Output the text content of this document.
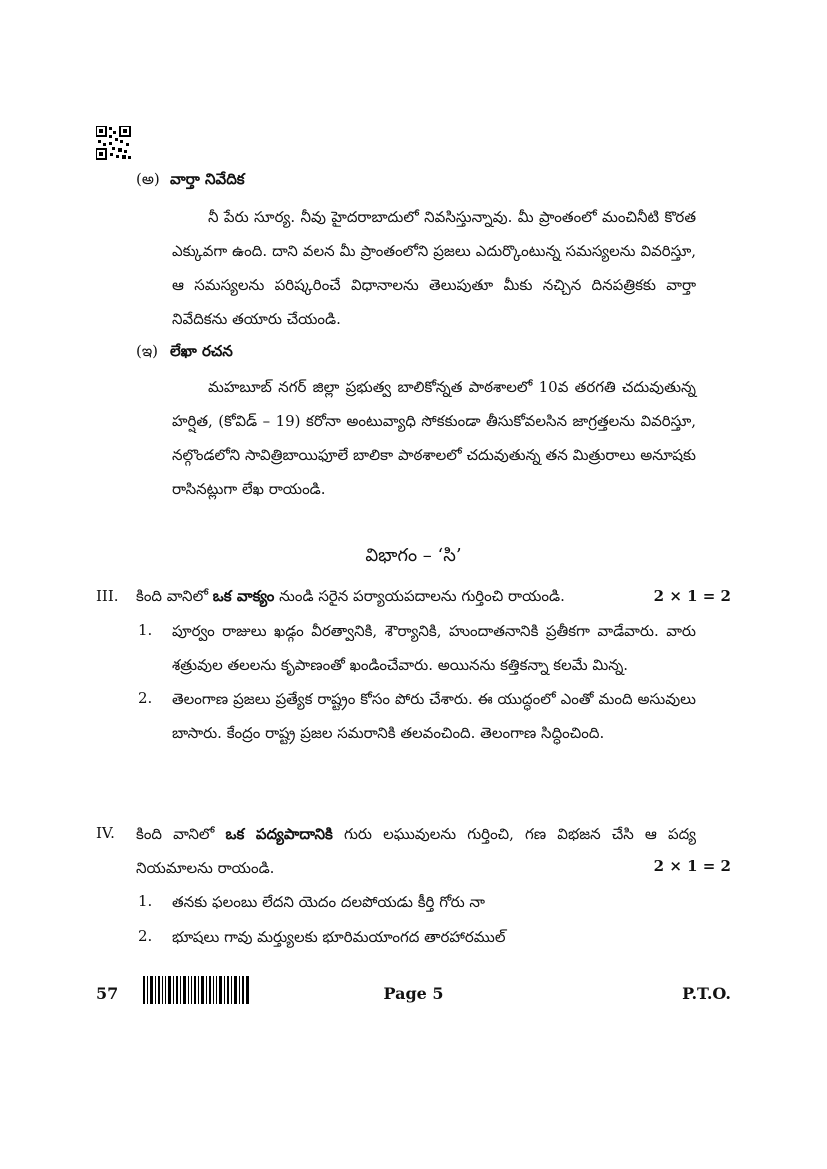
(అ) వార్తా నివేదిక
నీ పేరు సూర్య. నీవు హైదరాబాదులో నివసిస్తున్నావు. మీ ప్రాంతంలో మంచినీటి కొరత ఎక్కువగా ఉంది. దాని వలన మీ ప్రాంతంలోని ప్రజలు ఎదుర్కొంటున్న సమస్యలను వివరిస్తూ, ఆ సమస్యలను పరిష్కరించే విధానాలను తెలుపుతూ మీకు నచ్చిన దినపత్రికకు వార్తా నివేదికను తయారు చేయండి.
(ఇ) లేఖా రచన
మహబూబ్ నగర్ జిల్లా ప్రభుత్వ బాలికోన్నత పాఠశాలలో 10వ తరగతి చదువుతున్న హర్షిత, (కోవిడ్ – 19) కరోనా అంటువ్యాధి సోకకుండా తీసుకోవలసిన జాగ్రత్తలను వివరిస్తూ, నల్గొండలోని సావిత్రిబాయిఫూలే బాలికా పాఠశాలలో చదువుతున్న తన మిత్రురాలు అనూషకు రాసినట్లుగా లేఖ రాయండి.
విభాగం – ‘సి’
III. కింది వానిలో ఒక వాక్యం నుండి సరైన పర్యాయపదాలను గుర్తించి రాయండి.	2 × 1 = 2
1. పూర్వం రాజులు ఖడ్గం వీరత్వానికి, శౌర్యానికి, హుందాతనానికి ప్రతీకగా వాడేవారు. వారు శత్రువుల తలలను కృపాణంతో ఖండించేవారు. అయినను కత్తికన్నా కలమే మిన్న.
2. తెలంగాణ ప్రజలు ప్రత్యేక రాష్ట్రం కోసం పోరు చేశారు. ఈ యుద్ధంలో ఎంతో మంది అసువులు బాసారు. కేంద్రం రాష్ట్ర ప్రజల సమరానికి తలవంచింది. తెలంగాణ సిద్ధించింది.
IV. కింది వానిలో ఒక పద్యపాదానికి గురు లఘువులను గుర్తించి, గణ విభజన చేసి ఆ పద్య నియమాలను రాయండి.	2 × 1 = 2
1. తనకు ఫలంబు లేదని యెదం దలపోయడు కీర్తి గోరు నా
2. భూషలు గావు మర్త్యులకు భూరిమయాంగద తారహారముల్
57	Page 5	P.T.O.
